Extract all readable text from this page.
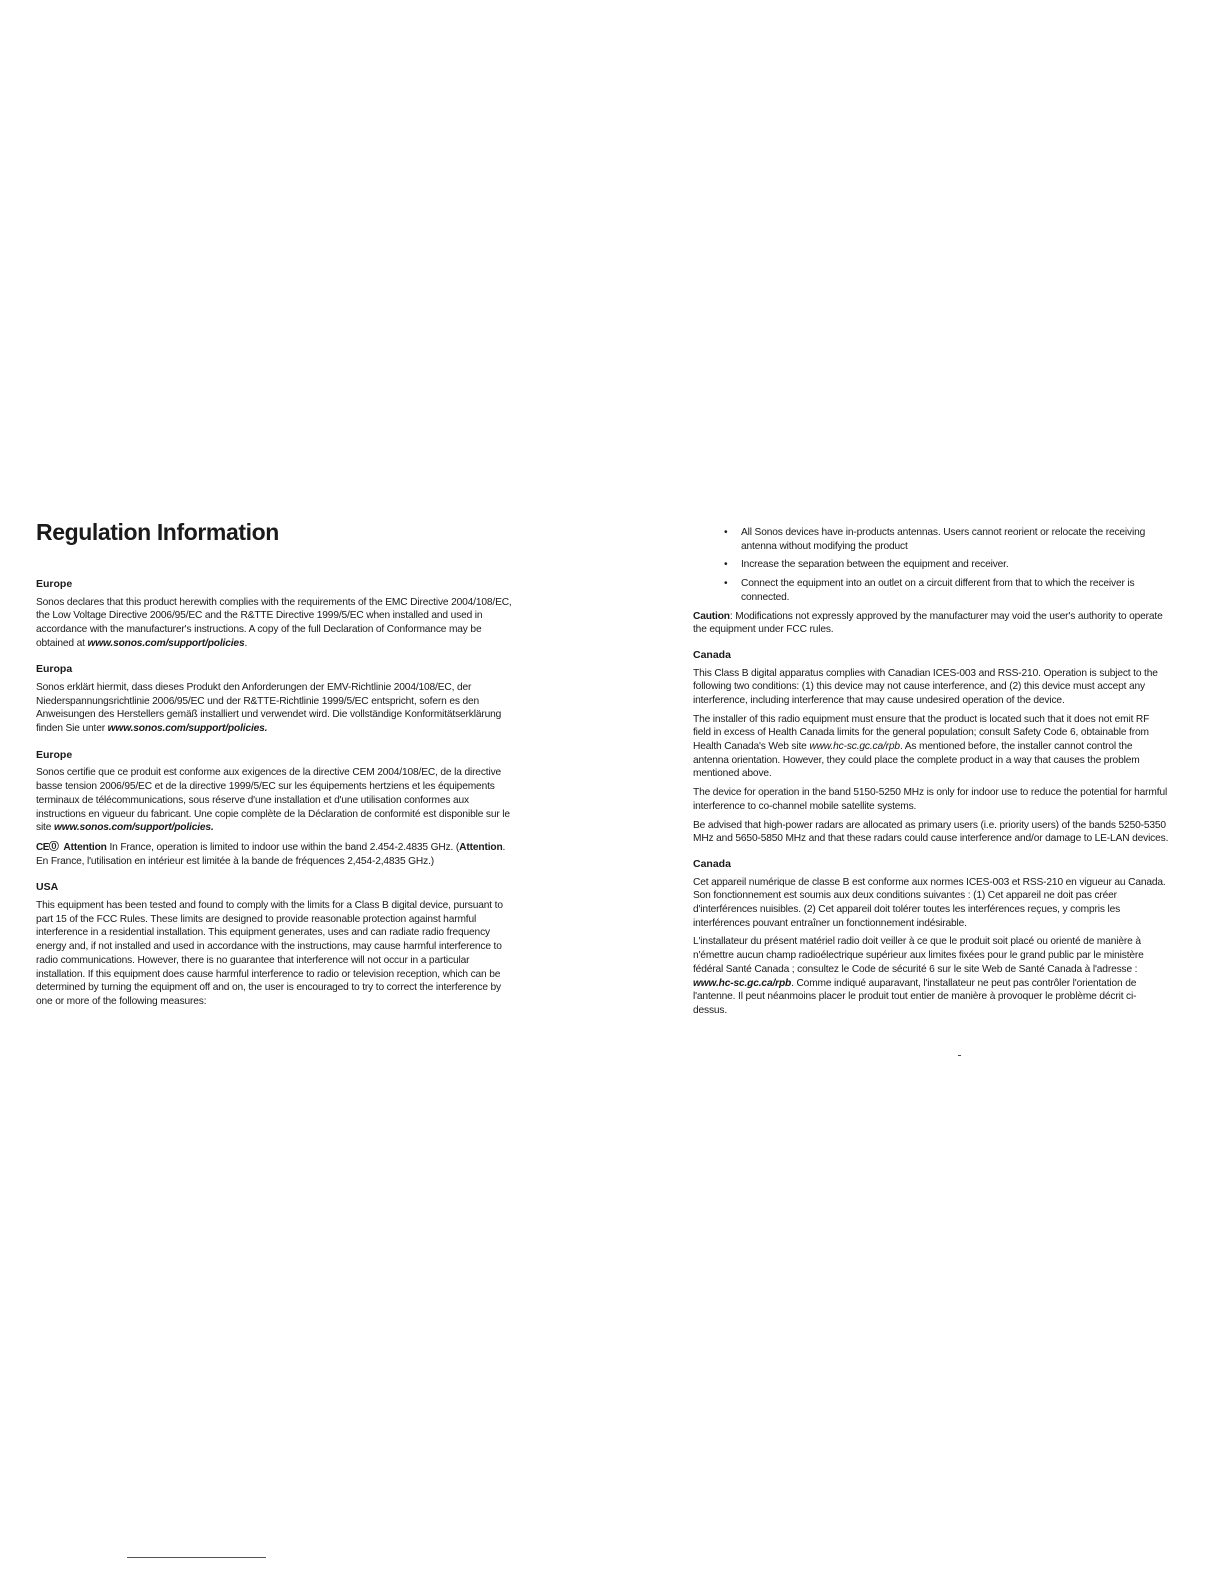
Regulation Information
Europe

Sonos declares that this product herewith complies with the requirements of the EMC Directive 2004/108/EC, the Low Voltage Directive 2006/95/EC and the R&TTE Directive 1999/5/EC when installed and used in accordance with the manufacturer's instructions. A copy of the full Declaration of Conformance may be obtained at www.sonos.com/support/policies.

Europa

Sonos erklärt hiermit, dass dieses Produkt den Anforderungen der EMV-Richtlinie 2004/108/EC, der Niederspannungsrichtlinie 2006/95/EC und der R&TTE-Richtlinie 1999/5/EC entspricht, sofern es den Anweisungen des Herstellers gemäß installiert und verwendet wird. Die vollständige Konformitätserklärung finden Sie unter www.sonos.com/support/policies.

Europe

Sonos certifie que ce produit est conforme aux exigences de la directive CEM 2004/108/EC, de la directive basse tension 2006/95/EC et de la directive 1999/5/EC sur les équipements hertziens et les équipements terminaux de télécommunications, sous réserve d'une installation et d'une utilisation conformes aux instructions en vigueur du fabricant. Une copie complète de la Déclaration de conformité est disponible sur le site www.sonos.com/support/policies.

CE⓪ Attention In France, operation is limited to indoor use within the band 2.454-2.4835 GHz. (Attention. En France, l'utilisation en intérieur est limitée à la bande de fréquences 2,454-2,4835 GHz.)

USA

This equipment has been tested and found to comply with the limits for a Class B digital device, pursuant to part 15 of the FCC Rules. These limits are designed to provide reasonable protection against harmful interference in a residential installation. This equipment generates, uses and can radiate radio frequency energy and, if not installed and used in accordance with the instructions, may cause harmful interference to radio communications. However, there is no guarantee that interference will not occur in a particular installation. If this equipment does cause harmful interference to radio or television reception, which can be determined by turning the equipment off and on, the user is encouraged to try to correct the interference by one or more of the following measures:

• All Sonos devices have in-products antennas. Users cannot reorient or relocate the receiving antenna without modifying the product
• Increase the separation between the equipment and receiver.
• Connect the equipment into an outlet on a circuit different from that to which the receiver is connected.

Caution: Modifications not expressly approved by the manufacturer may void the user's authority to operate the equipment under FCC rules.

Canada

This Class B digital apparatus complies with Canadian ICES-003 and RSS-210. Operation is subject to the following two conditions: (1) this device may not cause interference, and (2) this device must accept any interference, including interference that may cause undesired operation of the device.

The installer of this radio equipment must ensure that the product is located such that it does not emit RF field in excess of Health Canada limits for the general population; consult Safety Code 6, obtainable from Health Canada's Web site www.hc-sc.gc.ca/rpb. As mentioned before, the installer cannot control the antenna orientation. However, they could place the complete product in a way that causes the problem mentioned above.

The device for operation in the band 5150-5250 MHz is only for indoor use to reduce the potential for harmful interference to co-channel mobile satellite systems.

Be advised that high-power radars are allocated as primary users (i.e. priority users) of the bands 5250-5350 MHz and 5650-5850 MHz and that these radars could cause interference and/or damage to LE-LAN devices.

Canada

Cet appareil numérique de classe B est conforme aux normes ICES-003 et RSS-210 en vigueur au Canada. Son fonctionnement est soumis aux deux conditions suivantes : (1) Cet appareil ne doit pas créer d'interférences nuisibles. (2) Cet appareil doit tolérer toutes les interférences reçues, y compris les interférences pouvant entraîner un fonctionnement indésirable.

L'installateur du présent matériel radio doit veiller à ce que le produit soit placé ou orienté de manière à n'émettre aucun champ radioélectrique supérieur aux limites fixées pour le grand public par le ministère fédéral Santé Canada ; consultez le Code de sécurité 6 sur le site Web de Santé Canada à l'adresse : www.hc-sc.gc.ca/rpb. Comme indiqué auparavant, l'installateur ne peut pas contrôler l'orientation de l'antenne. Il peut néanmoins placer le produit tout entier de manière à provoquer le problème décrit ci-dessus.
